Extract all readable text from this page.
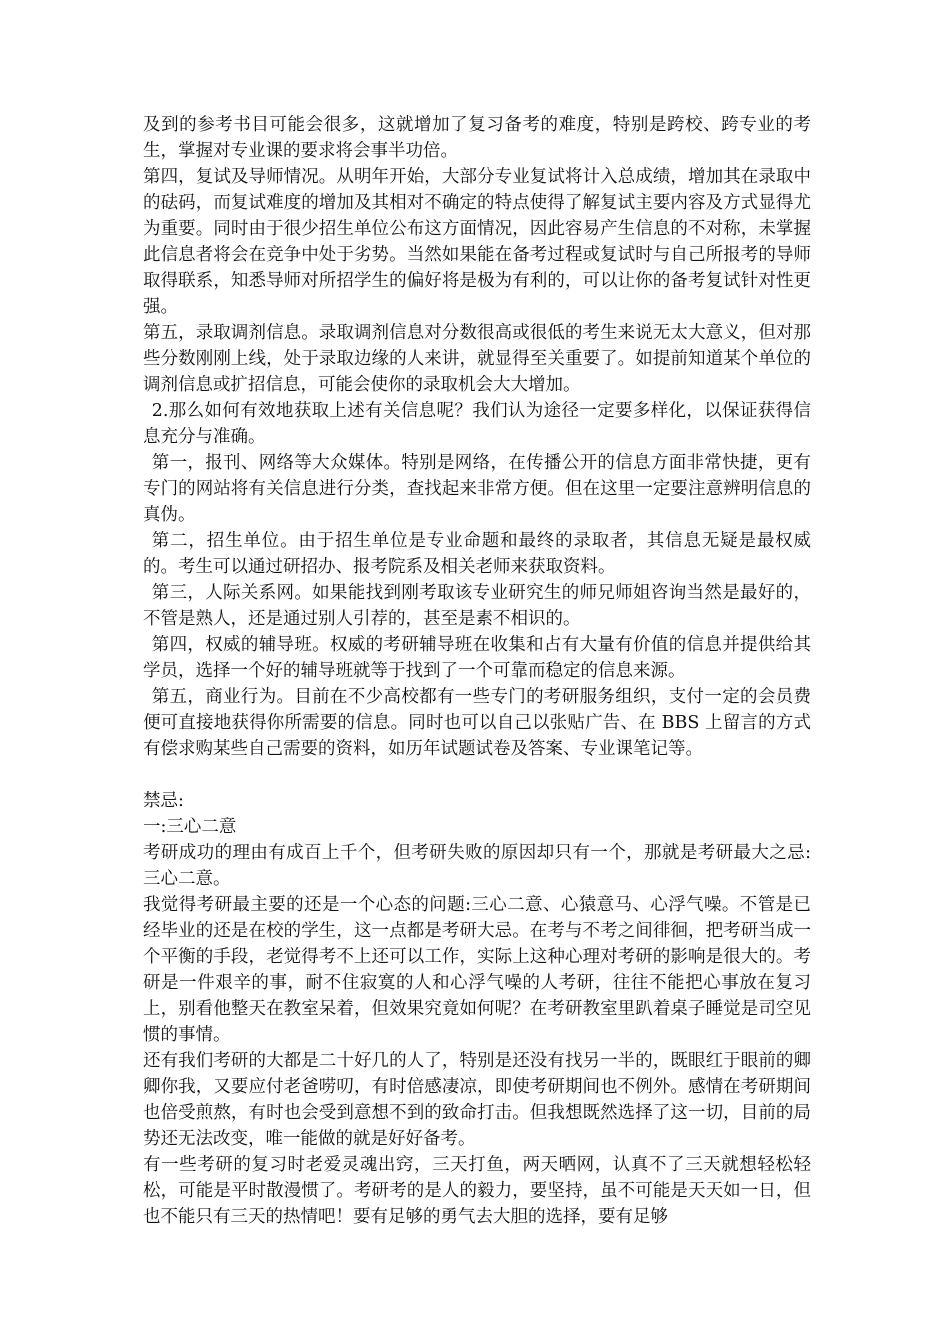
及到的参考书目可能会很多，这就增加了复习备考的难度，特别是跨校、跨专业的考生，掌握对专业课的要求将会事半功倍。

第四，复试及导师情况。从明年开始，大部分专业复试将计入总成绩，增加其在录取中的砝码，而复试难度的增加及其相对不确定的特点使得了解复试主要内容及方式显得尤为重要。同时由于很少招生单位公布这方面情况，因此容易产生信息的不对称，未掌握此信息者将会在竞争中处于劣势。当然如果能在备考过程或复试时与自己所报考的导师取得联系，知悉导师对所招学生的偏好将是极为有利的，可以让你的备考复试针对性更强。

第五，录取调剂信息。录取调剂信息对分数很高或很低的考生来说无太大意义，但对那些分数刚刚上线，处于录取边缘的人来讲，就显得至关重要了。如提前知道某个单位的调剂信息或扩招信息，可能会使你的录取机会大大增加。

2.那么如何有效地获取上述有关信息呢？我们认为途径一定要多样化，以保证获得信息充分与准确。

第一，报刊、网络等大众媒体。特别是网络，在传播公开的信息方面非常快捷，更有专门的网站将有关信息进行分类，查找起来非常方便。但在这里一定要注意辨明信息的真伪。

第二，招生单位。由于招生单位是专业命题和最终的录取者，其信息无疑是最权威的。考生可以通过研招办、报考院系及相关老师来获取资料。

第三，人际关系网。如果能找到刚考取该专业研究生的师兄师姐咨询当然是最好的，不管是熟人，还是通过别人引荐的，甚至是素不相识的。

第四，权威的辅导班。权威的考研辅导班在收集和占有大量有价值的信息并提供给其学员，选择一个好的辅导班就等于找到了一个可靠而稳定的信息来源。

第五，商业行为。目前在不少高校都有一些专门的考研服务组织，支付一定的会员费便可直接地获得你所需要的信息。同时也可以自己以张贴广告、在 BBS 上留言的方式有偿求购某些自己需要的资料，如历年试题试卷及答案、专业课笔记等。

禁忌:

一:三心二意

考研成功的理由有成百上千个，但考研失败的原因却只有一个，那就是考研最大之忌:三心二意。

我觉得考研最主要的还是一个心态的问题:三心二意、心猿意马、心浮气噪。不管是已经毕业的还是在校的学生，这一点都是考研大忌。在考与不考之间徘徊，把考研当成一个平衡的手段，老觉得考不上还可以工作，实际上这种心理对考研的影响是很大的。考研是一件艰辛的事，耐不住寂寞的人和心浮气噪的人考研，往往不能把心事放在复习上，别看他整天在教室呆着，但效果究竟如何呢？在考研教室里趴着桌子睡觉是司空见惯的事情。

还有我们考研的大都是二十好几的人了，特别是还没有找另一半的，既眼红于眼前的卿卿你我，又要应付老爸唠叨，有时倍感凄凉，即使考研期间也不例外。感情在考研期间也倍受煎熬，有时也会受到意想不到的致命打击。但我想既然选择了这一切，目前的局势还无法改变，唯一能做的就是好好备考。

有一些考研的复习时老爱灵魂出窍，三天打鱼，两天晒网，认真不了三天就想轻松轻松，可能是平时散漫惯了。考研考的是人的毅力，要坚持，虽不可能是天天如一日，但也不能只有三天的热情吧！要有足够的勇气去大胆的选择，要有足够
